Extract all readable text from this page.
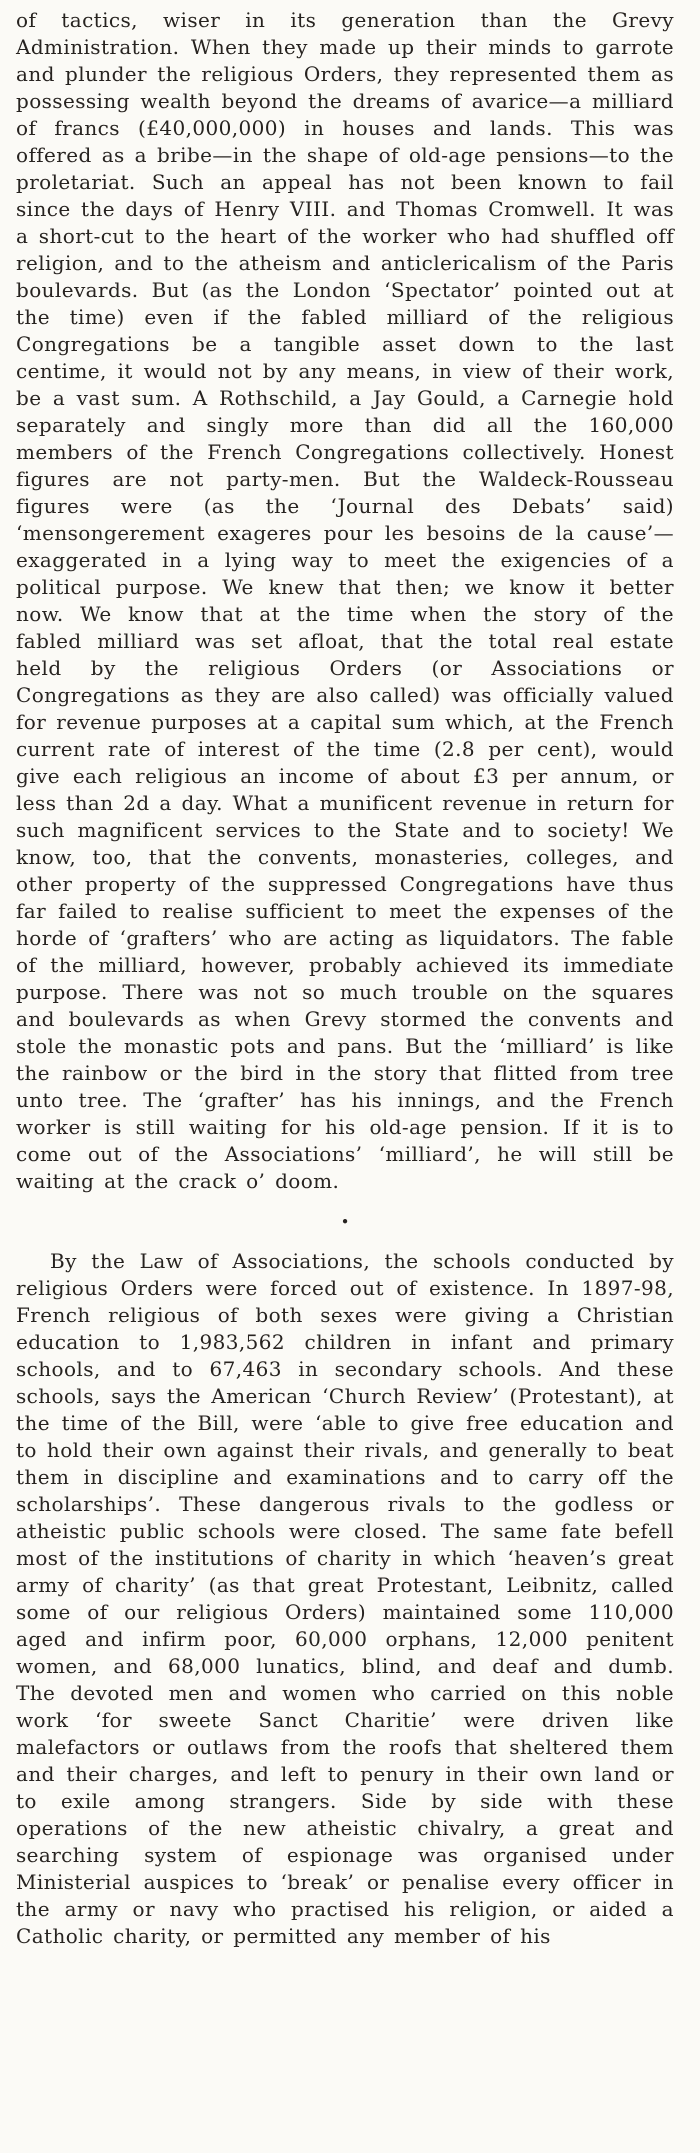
of tactics, wiser in its generation than the Grevy Administration. When they made up their minds to garrote and plunder the religious Orders, they represented them as possessing wealth beyond the dreams of avarice—a milliard of francs (£40,000,000) in houses and lands. This was offered as a bribe—in the shape of old-age pensions—to the proletariat. Such an appeal has not been known to fail since the days of Henry VIII. and Thomas Cromwell. It was a short-cut to the heart of the worker who had shuffled off religion, and to the atheism and anticlericalism of the Paris boulevards. But (as the London ‘Spectator’ pointed out at the time) even if the fabled milliard of the religious Congregations be a tangible asset down to the last centime, it would not by any means, in view of their work, be a vast sum. A Rothschild, a Jay Gould, a Carnegie hold separately and singly more than did all the 160,000 members of the French Congregations collectively. Honest figures are not party-men. But the Waldeck-Rousseau figures were (as the ‘Journal des Debats’ said) ‘mensongerement exageres pour les besoins de la cause’—exaggerated in a lying way to meet the exigencies of a political purpose. We knew that then; we know it better now. We know that at the time when the story of the fabled milliard was set afloat, that the total real estate held by the religious Orders (or Associations or Congregations as they are also called) was officially valued for revenue purposes at a capital sum which, at the French current rate of interest of the time (2.8 per cent), would give each religious an income of about £3 per annum, or less than 2d a day. What a munificent revenue in return for such magnificent services to the State and to society! We know, too, that the convents, monasteries, colleges, and other property of the suppressed Congregations have thus far failed to realise sufficient to meet the expenses of the horde of ‘grafters’ who are acting as liquidators. The fable of the milliard, however, probably achieved its immediate purpose. There was not so much trouble on the squares and boulevards as when Grevy stormed the convents and stole the monastic pots and pans. But the ‘milliard’ is like the rainbow or the bird in the story that flitted from tree unto tree. The ‘grafter’ has his innings, and the French worker is still waiting for his old-age pension. If it is to come out of the Associations’ ‘milliard’, he will still be waiting at the crack o’ doom.

•

By the Law of Associations, the schools conducted by religious Orders were forced out of existence. In 1897-98, French religious of both sexes were giving a Christian education to 1,983,562 children in infant and primary schools, and to 67,463 in secondary schools. And these schools, says the American ‘Church Review’ (Protestant), at the time of the Bill, were ‘able to give free education and to hold their own against their rivals, and generally to beat them in discipline and examinations and to carry off the scholarships’. These dangerous rivals to the godless or atheistic public schools were closed. The same fate befell most of the institutions of charity in which ‘heaven’s great army of charity’ (as that great Protestant, Leibnitz, called some of our religious Orders) maintained some 110,000 aged and infirm poor, 60,000 orphans, 12,000 penitent women, and 68,000 lunatics, blind, and deaf and dumb. The devoted men and women who carried on this noble work ‘for sweete Sanct Charitie’ were driven like malefactors or outlaws from the roofs that sheltered them and their charges, and left to penury in their own land or to exile among strangers. Side by side with these operations of the new atheistic chivalry, a great and searching system of espionage was organised under Ministerial auspices to ‘break’ or penalise every officer in the army or navy who practised his religion, or aided a Catholic charity, or permitted any member of his
